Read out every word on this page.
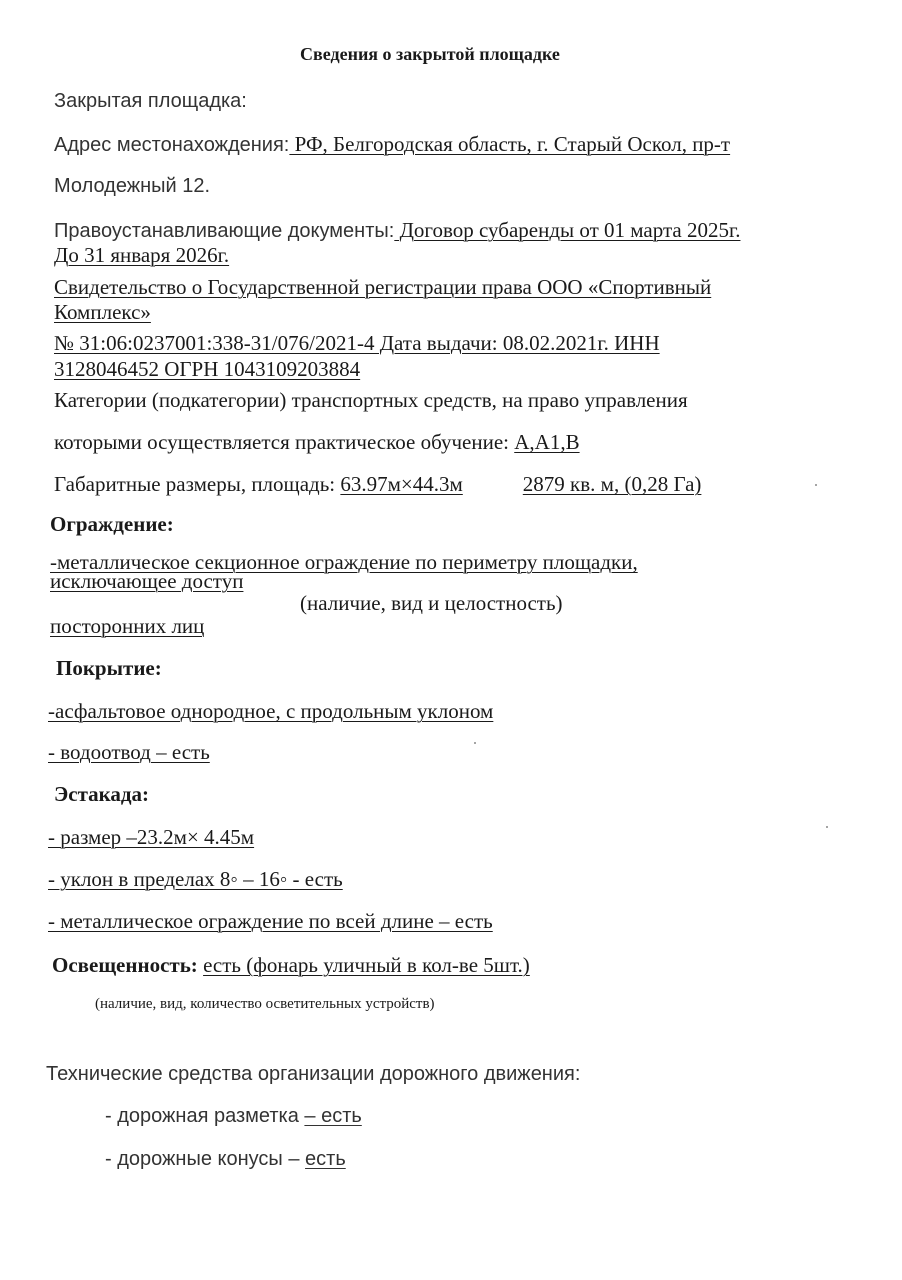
Сведения о закрытой площадке
Закрытая площадка:
Адрес местонахождения: РФ, Белгородская область, г. Старый Оскол, пр-т
Молодежный 12.
Правоустанавливающие документы: Договор субаренды от 01 марта 2025г.
До 31 января 2026г.
Свидетельство о Государственной регистрации права ООО «Спортивный
Комплекс»
№ 31:06:0237001:338-31/076/2021-4 Дата выдачи: 08.02.2021г. ИНН
3128046452 ОГРН 1043109203884
Категории (подкатегории) транспортных средств, на право управления
которыми осуществляется практическое обучение: А,А1,В
Габаритные размеры, площадь: 63.97м×44.3м	2879 кв. м, (0,28 Га)
Ограждение:
-металлическое секционное ограждение по периметру площадки,
исключающее доступ
(наличие, вид и целостность)
посторонних лиц
Покрытие:
-асфальтовое однородное, с продольным уклоном
- водоотвод – есть
Эстакада:
- размер –23.2м× 4.45м
- уклон в пределах 8◦ – 16◦ - есть
- металлическое ограждение по всей длине – есть
Освещенность: есть (фонарь уличный в кол-ве 5шт.)
(наличие, вид, количество осветительных устройств)
Технические средства организации дорожного движения:
- дорожная разметка – есть
- дорожные конусы – есть
